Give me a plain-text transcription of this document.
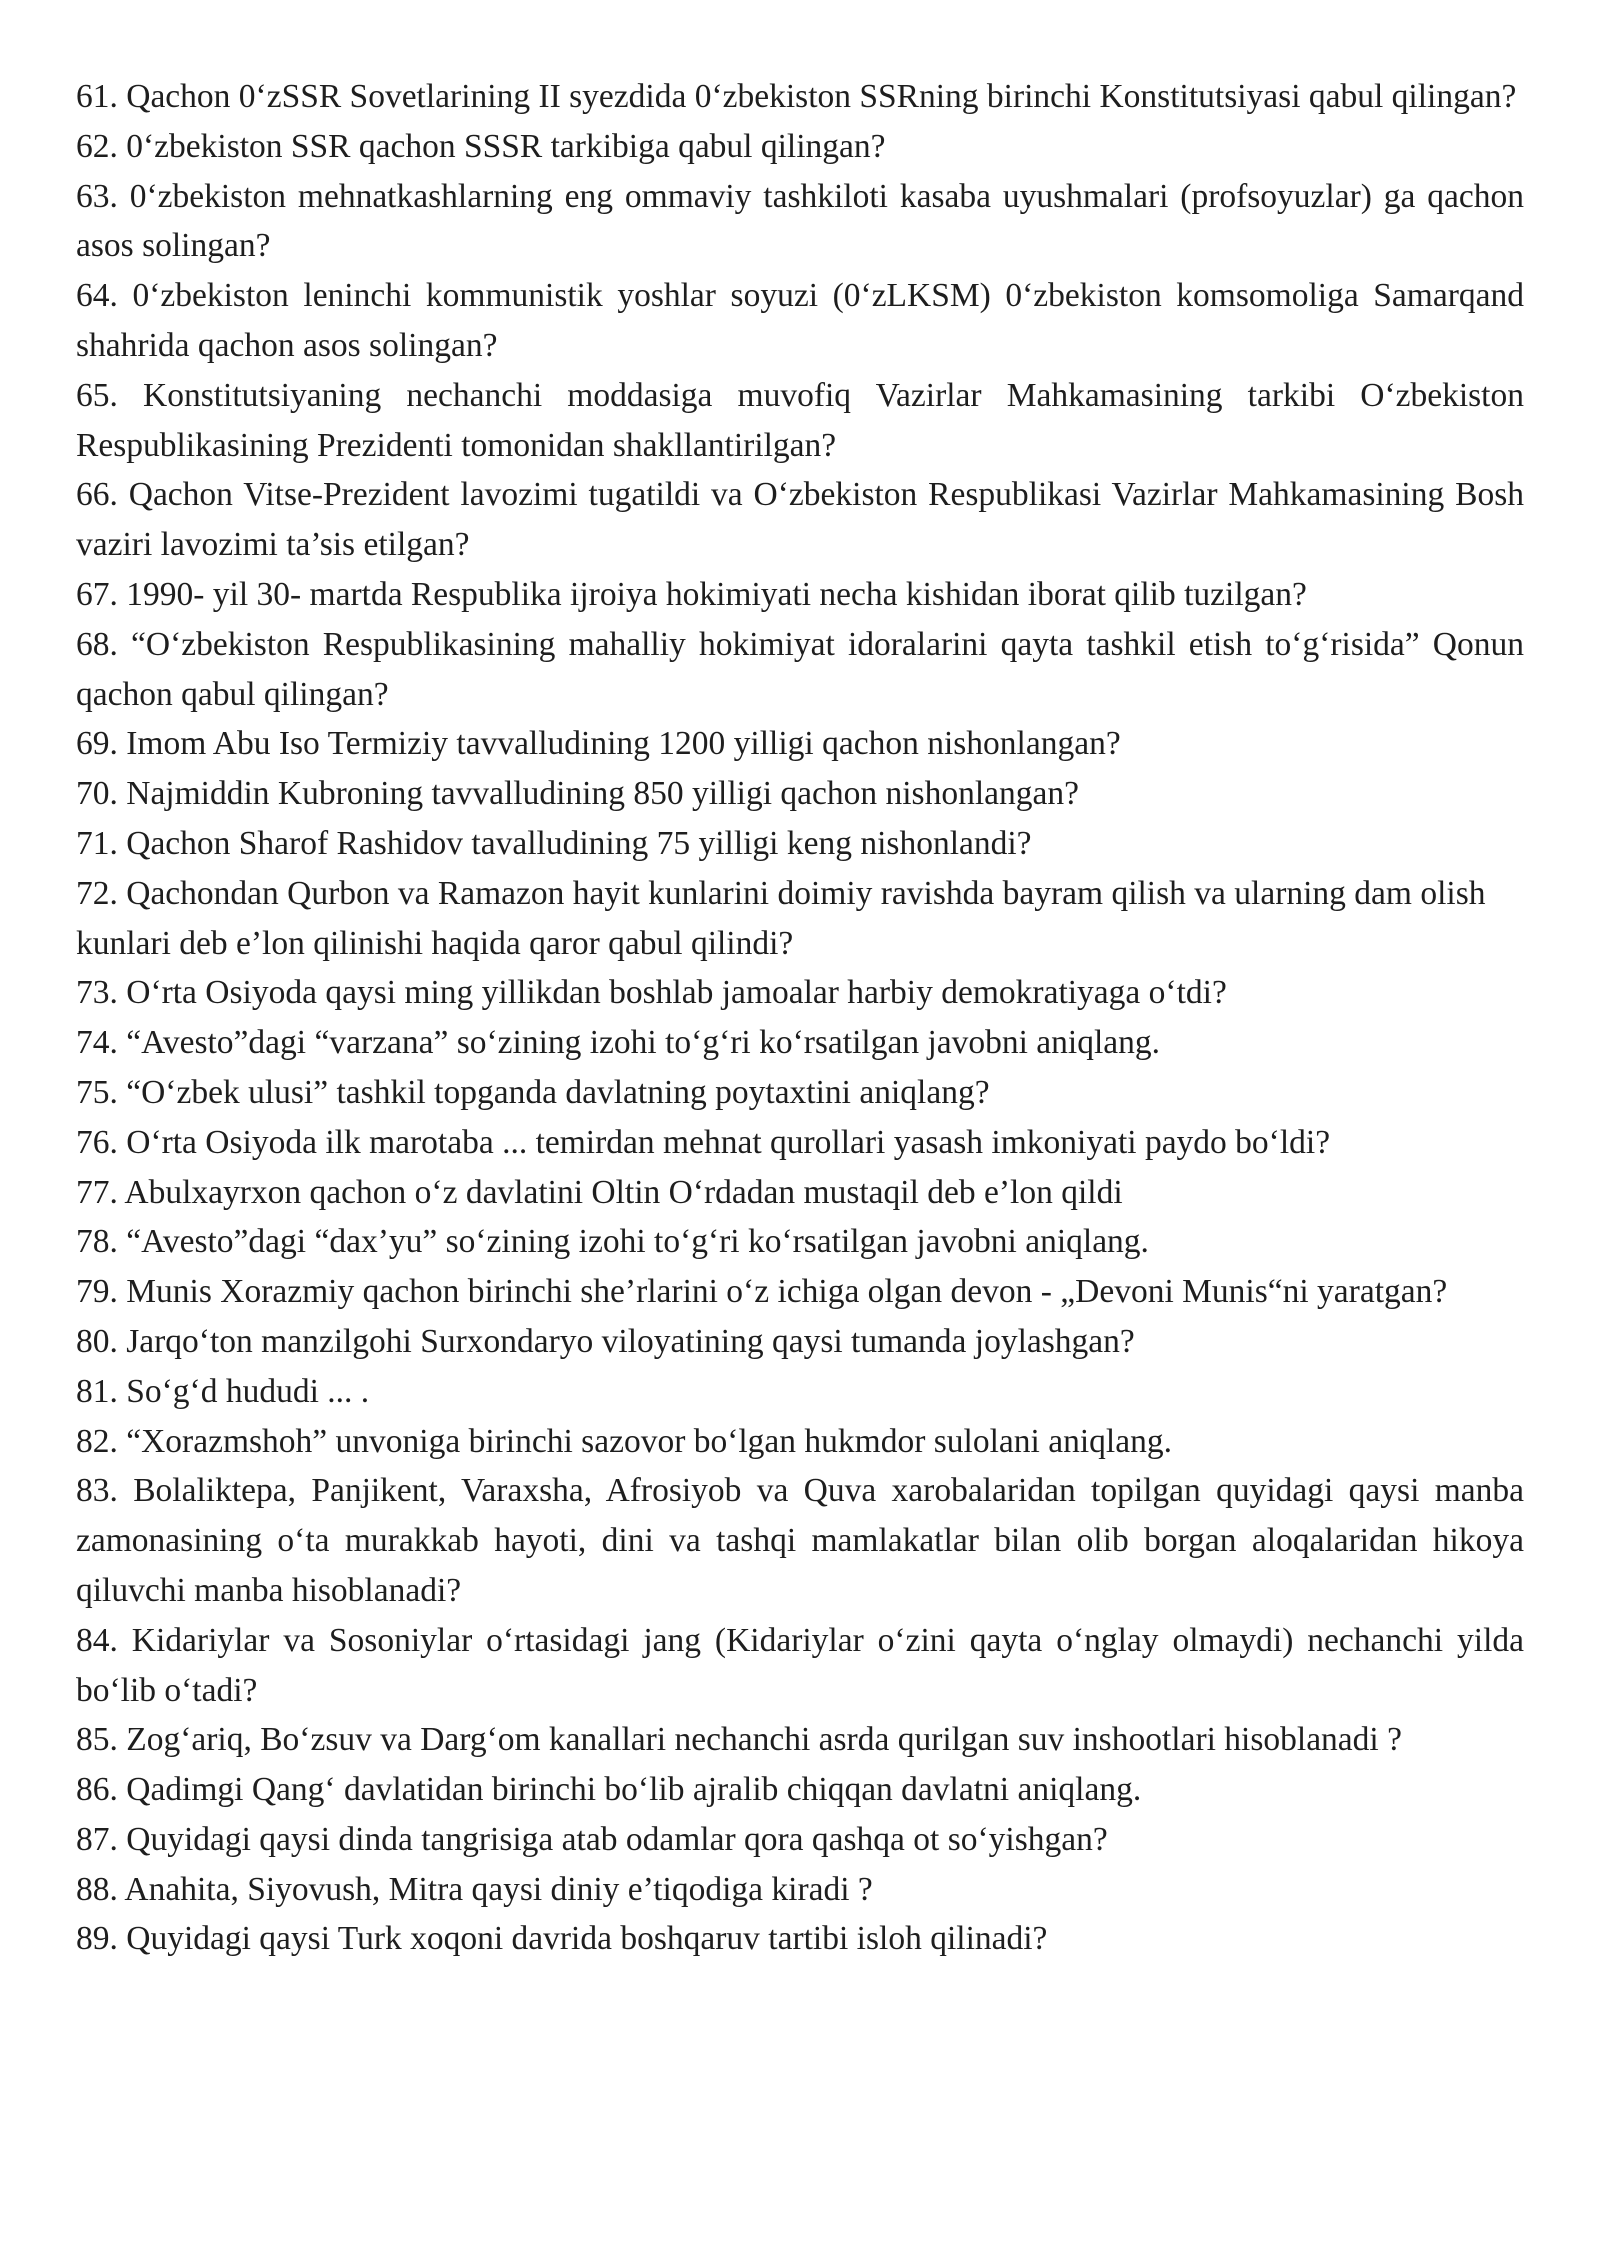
61. Qachon 0‘zSSR Sovetlarining II syezdida 0‘zbekiston SSRning birinchi Konstitutsiyasi qabul qilingan?

62. 0‘zbekiston SSR qachon SSSR tarkibiga qabul qilingan?

63. 0‘zbekiston mehnatkashlarning eng ommaviy tashkiloti kasaba uyushmalari (profsoyuzlar) ga qachon asos solingan?

64. 0‘zbekiston leninchi kommunistik yoshlar soyuzi (0‘zLKSM) 0‘zbekiston komsomoliga Samarqand shahrida qachon asos solingan?

65. Konstitutsiyaning nechanchi moddasiga muvofiq Vazirlar Mahkamasining tarkibi O‘zbekiston Respublikasining Prezidenti tomonidan shakllantirilgan?

66. Qachon Vitse-Prezident lavozimi tugatildi va O‘zbekiston Respublikasi Vazirlar Mahkamasining Bosh vaziri lavozimi ta’sis etilgan?

67. 1990- yil 30- martda Respublika ijroiya hokimiyati necha kishidan iborat qilib tuzilgan?

68. “O‘zbekiston Respublikasining mahalliy hokimiyat idoralarini qayta tashkil etish to‘g‘risida” Qonun qachon qabul qilingan?

69. Imom Abu Iso Termiziy tavvalludining 1200 yilligi qachon nishonlangan?

70. Najmiddin Kubroning tavvalludining 850 yilligi qachon nishonlangan?

71. Qachon Sharof Rashidov tavalludining 75 yilligi keng nishonlandi?

72. Qachondan Qurbon va Ramazon hayit kunlarini doimiy ravishda bayram qilish va ularning dam olish kunlari deb e’lon qilinishi haqida qaror qabul qilindi?

73. O‘rta Osiyoda qaysi ming yillikdan boshlab jamoalar harbiy demokratiyaga o‘tdi?

74. “Avesto”dagi “varzana” so‘zining izohi to‘g‘ri ko‘rsatilgan javobni aniqlang.

75. “O‘zbek ulusi” tashkil topganda davlatning poytaxtini aniqlang?

76. O‘rta Osiyoda ilk marotaba ... temirdan mehnat qurollari yasash imkoniyati paydo bo‘ldi?

77. Abulxayrxon qachon o‘z davlatini Oltin O‘rdadan mustaqil deb e’lon qildi

78. “Avesto”dagi “dax’yu” so‘zining izohi to‘g‘ri ko‘rsatilgan javobni aniqlang.

79. Munis Xorazmiy qachon birinchi she’rlarini o‘z ichiga olgan devon - „Devoni Munis“ni yaratgan?

80. Jarqo‘ton manzilgohi Surxondaryo viloyatining qaysi tumanda joylashgan?

81. So‘g‘d hududi ... .

82. “Xorazmshoh” unvoniga birinchi sazovor bo‘lgan hukmdor sulolani aniqlang.

83. Bolaliktepa, Panjikent, Varaxsha, Afrosiyob va Quva xarobalaridan topilgan quyidagi qaysi manba zamonasining o‘ta murakkab hayoti, dini va tashqi mamlakatlar bilan olib borgan aloqalaridan hikoya qiluvchi manba hisoblanadi?

84. Kidariylar va Sosoniylar o‘rtasidagi jang (Kidariylar o‘zini qayta o‘nglay olmaydi) nechanchi yilda bo‘lib o‘tadi?

85. Zog‘ariq, Bo‘zsuv va Darg‘om kanallari nechanchi asrda qurilgan suv inshootlari hisoblanadi ?

86. Qadimgi Qang‘ davlatidan birinchi bo‘lib ajralib chiqqan davlatni aniqlang.

87. Quyidagi qaysi dinda tangrisiga atab odamlar qora qashqa ot so‘yishgan?

88. Anahita, Siyovush, Mitra qaysi diniy e’tiqodiga kiradi ?

89. Quyidagi qaysi Turk xoqoni davrida boshqaruv tartibi isloh qilinadi?
